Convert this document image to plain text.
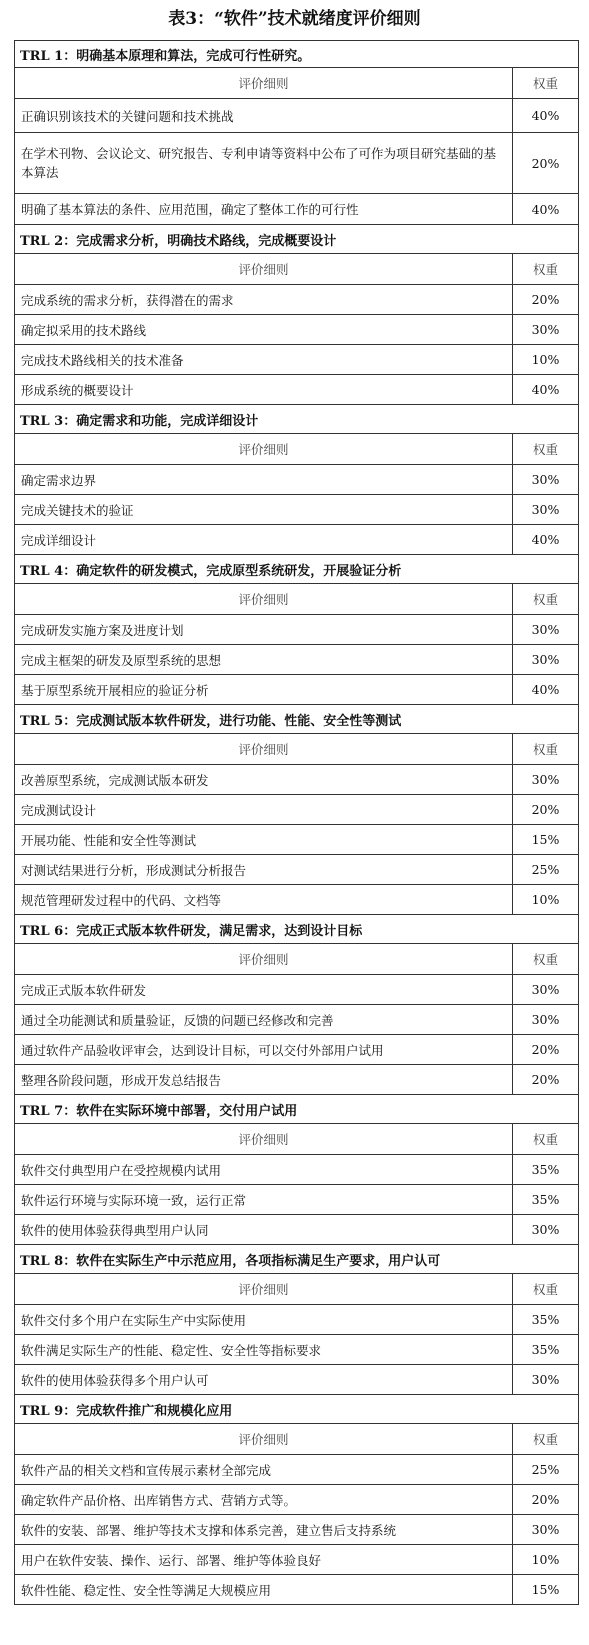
表3：“软件”技术就绪度评价细则
TRL 1：明确基本原理和算法，完成可行性研究。	
评价细则	权重
正确识别该技术的关键问题和技术挑战	40%
在学术刊物、会议论文、研究报告、专利申请等资料中公布了可作为项目研究基础的基本算法	20%
明确了基本算法的条件、应用范围，确定了整体工作的可行性	40%
TRL 2：完成需求分析，明确技术路线，完成概要设计	
评价细则	权重
完成系统的需求分析，获得潜在的需求	20%
确定拟采用的技术路线	30%
完成技术路线相关的技术准备	10%
形成系统的概要设计	40%
TRL 3：确定需求和功能，完成详细设计	
评价细则	权重
确定需求边界	30%
完成关键技术的验证	30%
完成详细设计	40%
TRL 4：确定软件的研发模式，完成原型系统研发，开展验证分析	
评价细则	权重
完成研发实施方案及进度计划	30%
完成主框架的研发及原型系统的思想	30%
基于原型系统开展相应的验证分析	40%
TRL 5：完成测试版本软件研发，进行功能、性能、安全性等测试	
评价细则	权重
改善原型系统，完成测试版本研发	30%
完成测试设计	20%
开展功能、性能和安全性等测试	15%
对测试结果进行分析，形成测试分析报告	25%
规范管理研发过程中的代码、文档等	10%
TRL 6：完成正式版本软件研发，满足需求，达到设计目标	
评价细则	权重
完成正式版本软件研发	30%
通过全功能测试和质量验证，反馈的问题已经修改和完善	30%
通过软件产品验收评审会，达到设计目标，可以交付外部用户试用	20%
整理各阶段问题，形成开发总结报告	20%
TRL 7：软件在实际环境中部署，交付用户试用	
评价细则	权重
软件交付典型用户在受控规模内试用	35%
软件运行环境与实际环境一致，运行正常	35%
软件的使用体验获得典型用户认同	30%
TRL 8：软件在实际生产中示范应用，各项指标满足生产要求，用户认可	
评价细则	权重
软件交付多个用户在实际生产中实际使用	35%
软件满足实际生产的性能、稳定性、安全性等指标要求	35%
软件的使用体验获得多个用户认可	30%
TRL 9：完成软件推广和规模化应用	
评价细则	权重
软件产品的相关文档和宣传展示素材全部完成	25%
确定软件产品价格、出库销售方式、营销方式等。	20%
软件的安装、部署、维护等技术支撑和体系完善，建立售后支持系统	30%
用户在软件安装、操作、运行、部署、维护等体验良好	10%
软件性能、稳定性、安全性等满足大规模应用	15%
